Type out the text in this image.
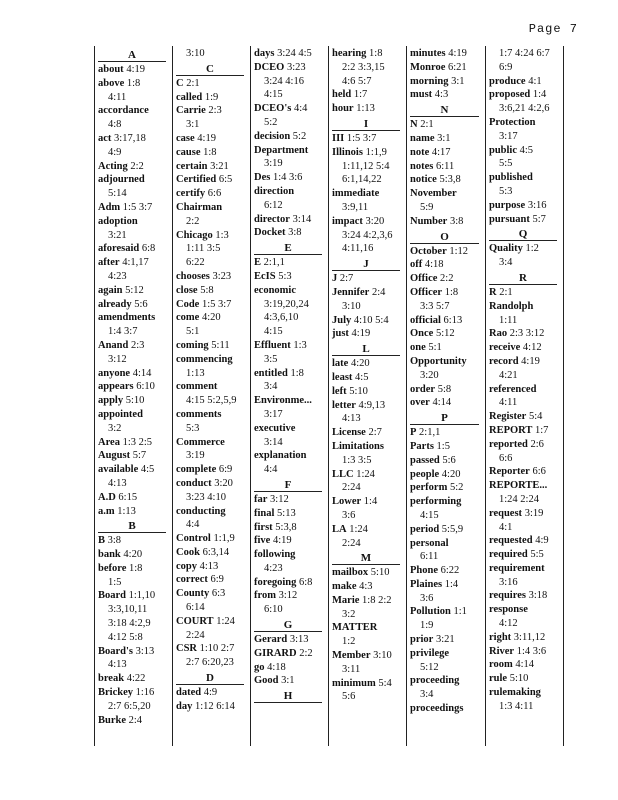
Page 7
A
about 4:19
above 1:8
4:11
accordance
4:8
act 3:17,18
4:9
Acting 2:2
adjourned
5:14
Adm 1:5 3:7
adoption
3:21
aforesaid 6:8
after 4:1,17
4:23
again 5:12
already 5:6
amendments
1:4 3:7
Anand 2:3
3:12
anyone 4:14
appears 6:10
apply 5:10
appointed
3:2
Area 1:3 2:5
August 5:7
available 4:5
4:13
A.D 6:15
a.m 1:13
B
B 3:8
bank 4:20
before 1:8
1:5
Board 1:1,10
3:3,10,11
3:18 4:2,9
4:12 5:8
Board's 3:13
4:13
break 4:22
Brickey 1:16
2:7 6:5,20
Burke 2:4
3:10
C
C 2:1
called 1:9
Carrie 2:3
3:1
case 4:19
cause 1:8
certain 3:21
Certified 6:5
certify 6:6
Chairman
2:2
Chicago 1:3
1:11 3:5
6:22
chooses 3:23
close 5:8
Code 1:5 3:7
come 4:20
5:1
coming 5:11
commencing
1:13
comment
4:15 5:2,5,9
comments
5:3
Commerce
3:19
complete 6:9
conduct 3:20
3:23 4:10
conducting
4:4
Control 1:1,9
Cook 6:3,14
copy 4:13
correct 6:9
County 6:3
6:14
COURT 1:24
2:24
CSR 1:10 2:7
2:7 6:20,23
D
dated 4:9
day 1:12 6:14
days 3:24 4:5
DCEO 3:23
3:24 4:16
4:15
DCEO's 4:4
5:2
decision 5:2
Department
3:19
Des 1:4 3:6
direction
6:12
director 3:14
Docket 3:8
E
E 2:1,1
EcIS 5:3
economic
3:19,20,24
4:3,6,10
4:15
Effluent 1:3
3:5
entitled 1:8
3:4
Environme...
3:17
executive
3:14
explanation
4:4
F
far 3:12
final 5:13
first 5:3,8
five 4:19
following
4:23
foregoing 6:8
from 3:12
6:10
G
Gerard 3:13
GIRARD 2:2
go 4:18
Good 3:1
H
hearing 1:8
2:2 3:3,15
4:6 5:7
held 1:7
hour 1:13
I
III 1:5 3:7
Illinois 1:1,9
1:11,12 5:4
6:1,14,22
immediate
3:9,11
impact 3:20
3:24 4:2,3,6
4:11,16
J
J 2:7
Jennifer 2:4
3:10
July 4:10 5:4
just 4:19
L
late 4:20
least 4:5
left 5:10
letter 4:9,13
4:13
License 2:7
Limitations
1:3 3:5
LLC 1:24
2:24
Lower 1:4
3:6
LA 1:24
2:24
M
mailbox 5:10
make 4:3
Marie 1:8 2:2
3:2
MATTER
1:2
Member 3:10
3:11
minimum 5:4
5:6
minutes 4:19
Monroe 6:21
morning 3:1
must 4:3
N
N 2:1
name 3:1
note 4:17
notes 6:11
notice 5:3,8
November
5:9
Number 3:8
O
October 1:12
off 4:18
Office 2:2
Officer 1:8
3:3 5:7
official 6:13
Once 5:12
one 5:1
Opportunity
3:20
order 5:8
over 4:14
P
P 2:1,1
Parts 1:5
passed 5:6
people 4:20
perform 5:2
performing
4:15
period 5:5,9
personal
6:11
Phone 6:22
Plaines 1:4
3:6
Pollution 1:1
1:9
prior 3:21
privilege
5:12
proceeding
3:4
proceedings
1:7 4:24 6:7
6:9
produce 4:1
proposed 1:4
3:6,21 4:2,6
Protection
3:17
public 4:5
5:5
published
5:3
purpose 3:16
pursuant 5:7
Q
Quality 1:2
3:4
R
R 2:1
Randolph
1:11
Rao 2:3 3:12
receive 4:12
record 4:19
4:21
referenced
4:11
Register 5:4
REPORT 1:7
reported 2:6
6:6
Reporter 6:6
REPORTE...
1:24 2:24
request 3:19
4:1
requested 4:9
required 5:5
requirement
3:16
requires 3:18
response
4:12
right 3:11,12
River 1:4 3:6
room 4:14
rule 5:10
rulemaking
1:3 4:11
